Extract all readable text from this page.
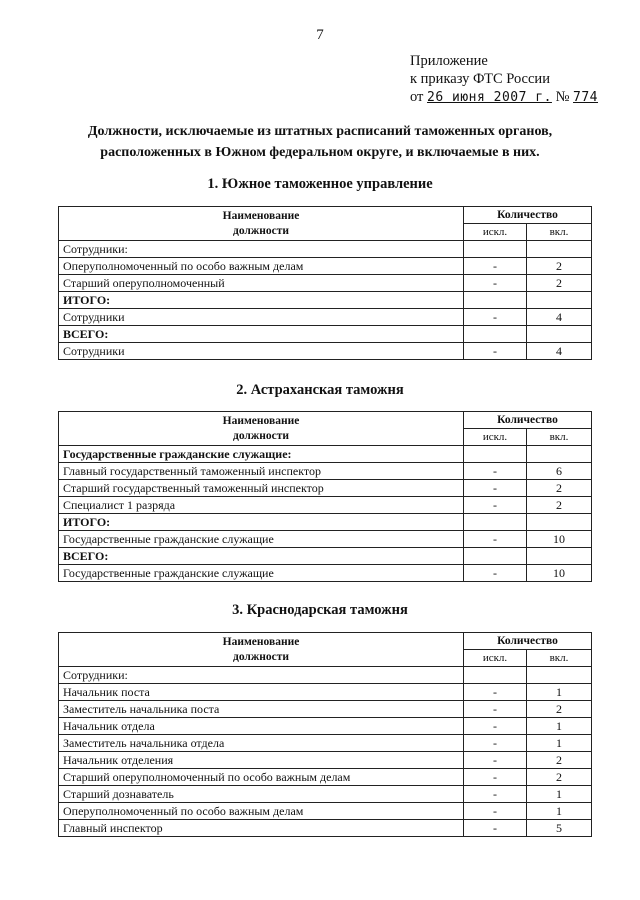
7
Приложение
к приказу ФТС России
от 26 июня 2007 г. № 774
Должности, исключаемые из штатных расписаний таможенных органов,
расположенных в Южном федеральном округе, и включаемые в них.
1. Южное таможенное управление
2. Астраханская таможня
3. Краснодарская таможня
Наименование
должности	Количество	
	искл.	вкл.
Сотрудники:		
Оперуполномоченный по особо важным делам	-	2
Старший оперуполномоченный	-	2
ИТОГО:		
Сотрудники	-	4
ВСЕГО:		
Сотрудники	-	4
Наименование
должности	Количество	
	искл.	вкл.
Государственные гражданские служащие:		
Главный государственный таможенный инспектор	-	6
Старший государственный таможенный инспектор	-	2
Специалист 1 разряда	-	2
ИТОГО:		
Государственные гражданские служащие	-	10
ВСЕГО:		
Государственные гражданские служащие	-	10
Наименование
должности	Количество	
	искл.	вкл.
Сотрудники:		
Начальник поста	-	1
Заместитель начальника поста	-	2
Начальник отдела	-	1
Заместитель начальника отдела	-	1
Начальник отделения	-	2
Старший оперуполномоченный по особо важным делам	-	2
Старший дознаватель	-	1
Оперуполномоченный по особо важным делам	-	1
Главный инспектор	-	5
